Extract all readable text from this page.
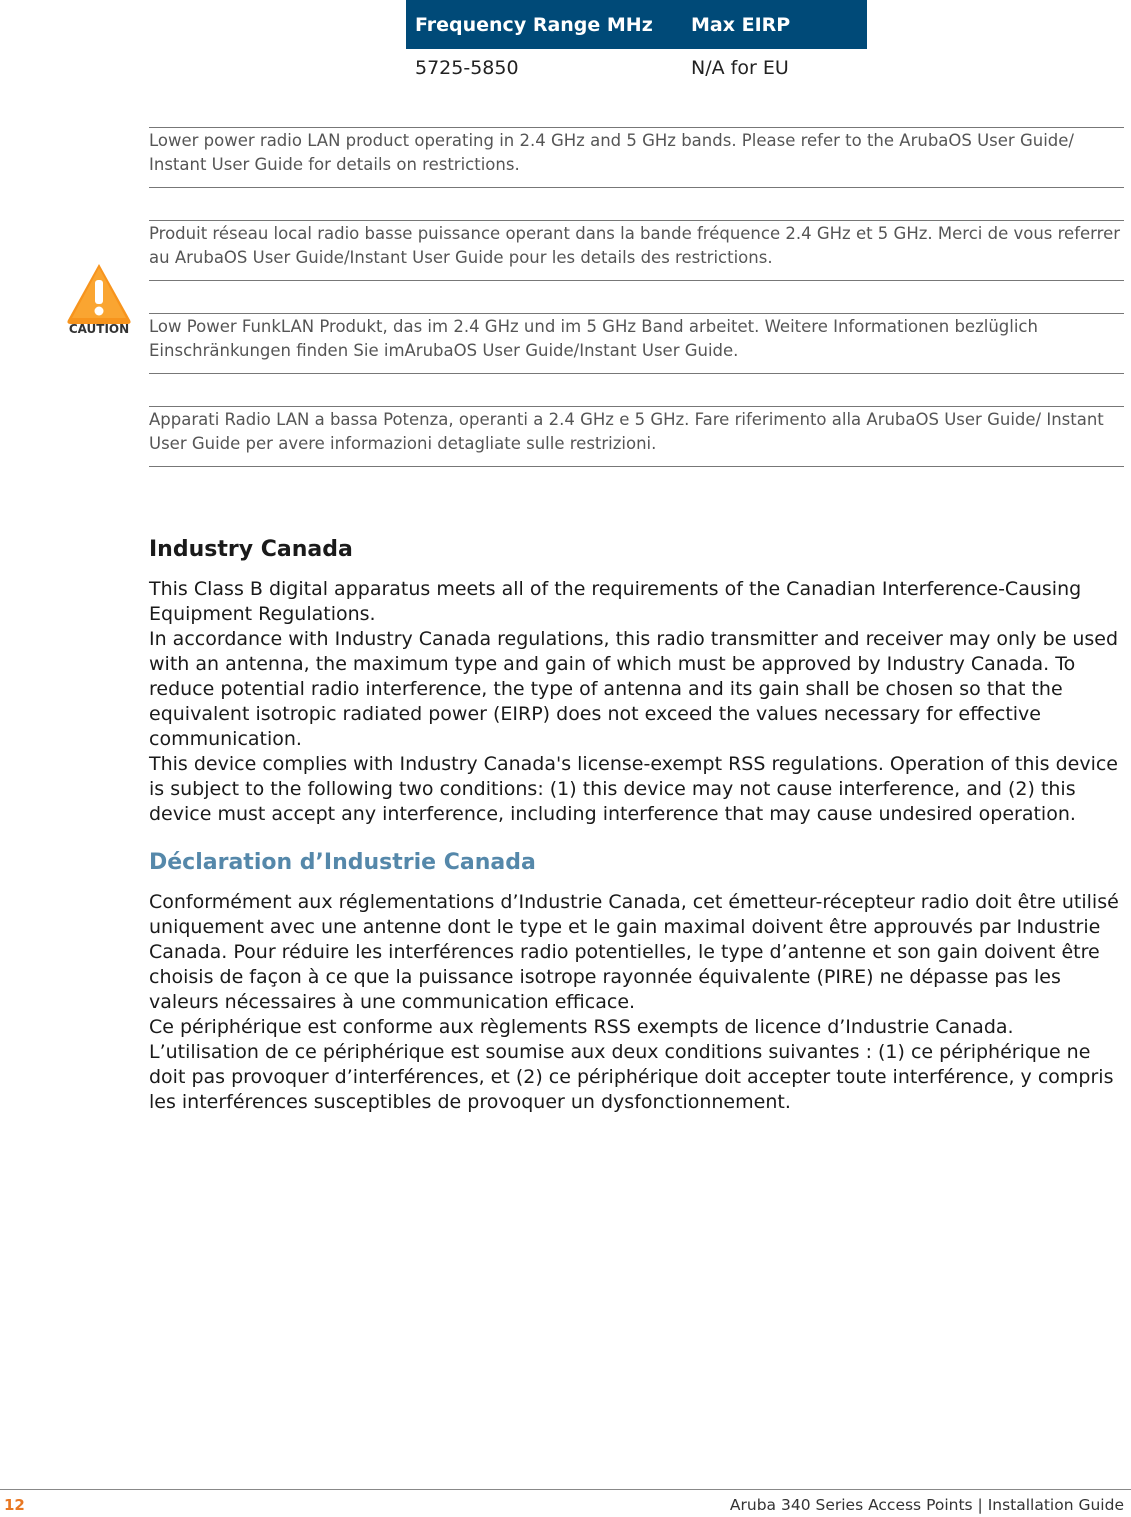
Frequency Range MHz	Max EIRP
5725-5850	N/A for EU
CAUTION
Lower power radio LAN product operating in 2.4 GHz and 5 GHz bands. Please refer to the ArubaOS User Guide/ Instant User Guide for details on restrictions.
Produit réseau local radio basse puissance operant dans la bande fréquence 2.4 GHz et 5 GHz. Merci de vous referrer au ArubaOS User Guide/Instant User Guide pour les details des restrictions.
Low Power FunkLAN Produkt, das im 2.4 GHz und im 5 GHz Band arbeitet. Weitere Informationen bezlüglich Einschränkungen finden Sie imArubaOS User Guide/Instant User Guide.
Apparati Radio LAN a bassa Potenza, operanti a 2.4 GHz e 5 GHz. Fare riferimento alla ArubaOS User Guide/ Instant User Guide per avere informazioni detagliate sulle restrizioni.
Industry Canada

This Class B digital apparatus meets all of the requirements of the Canadian Interference-Causing Equipment Regulations.

In accordance with Industry Canada regulations, this radio transmitter and receiver may only be used with an antenna, the maximum type and gain of which must be approved by Industry Canada. To reduce potential radio interference, the type of antenna and its gain shall be chosen so that the equivalent isotropic radiated power (EIRP) does not exceed the values necessary for effective communication.

This device complies with Industry Canada's license-exempt RSS regulations. Operation of this device is subject to the following two conditions: (1) this device may not cause interference, and (2) this device must accept any interference, including interference that may cause undesired operation.

Déclaration d’Industrie Canada

Conformément aux réglementations d’Industrie Canada, cet émetteur-récepteur radio doit être utilisé uniquement avec une antenne dont le type et le gain maximal doivent être approuvés par Industrie Canada. Pour réduire les interférences radio potentielles, le type d’antenne et son gain doivent être choisis de façon à ce que la puissance isotrope rayonnée équivalente (PIRE) ne dépasse pas les valeurs nécessaires à une communication efficace.

Ce périphérique est conforme aux règlements RSS exempts de licence d’Industrie Canada. L’utilisation de ce périphérique est soumise aux deux conditions suivantes : (1) ce périphérique ne doit pas provoquer d’interférences, et (2) ce périphérique doit accepter toute interférence, y compris les interférences susceptibles de provoquer un dysfonctionnement.

12	Aruba 340 Series Access Points | Installation Guide
